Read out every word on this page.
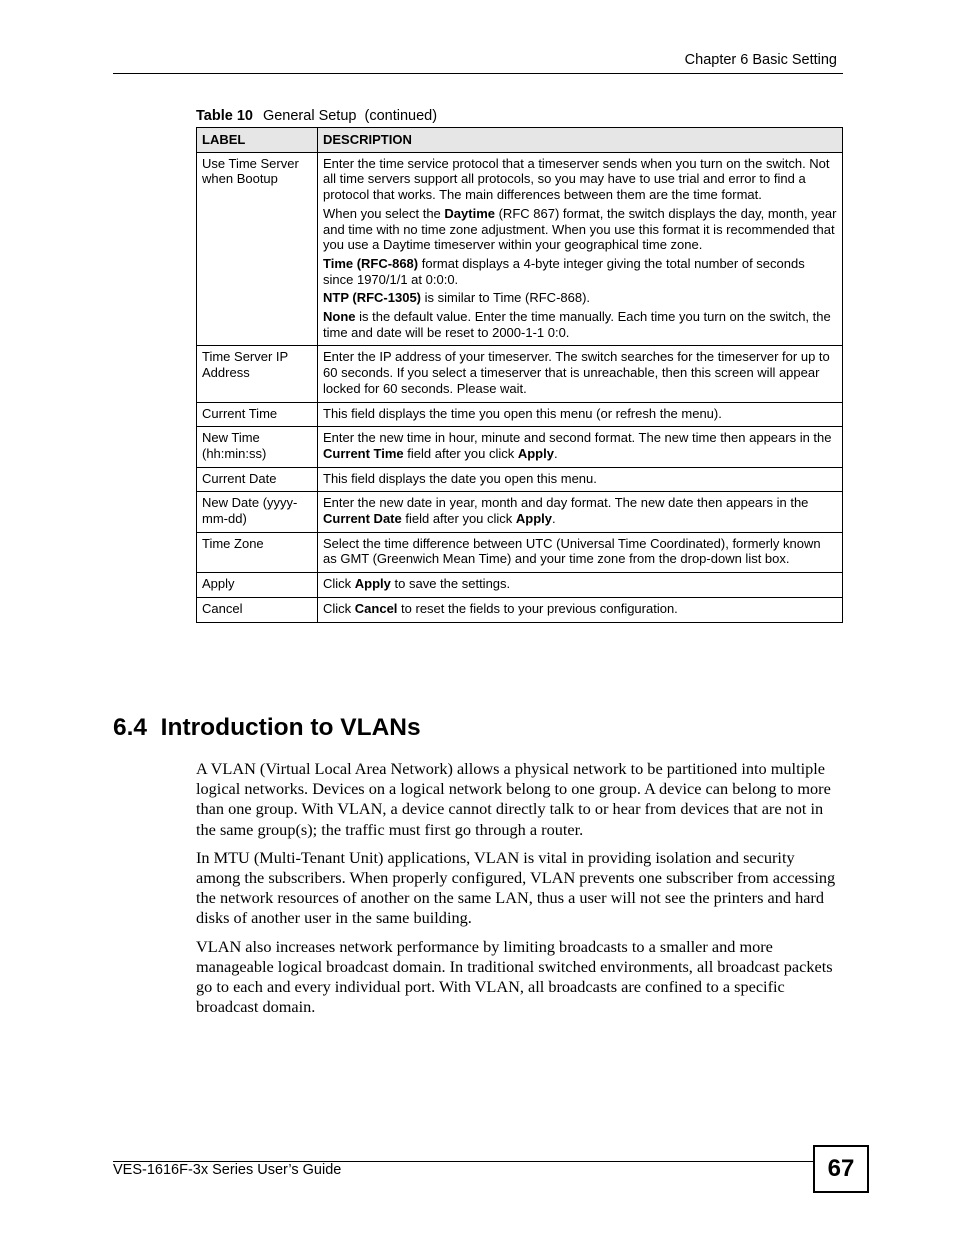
Chapter 6 Basic Setting
Table 10 General Setup  (continued)
LABEL	DESCRIPTION
Use Time Server when Bootup	Enter the time service protocol that a timeserver sends when you turn on the switch. Not all time servers support all protocols, so you may have to use trial and error to find a protocol that works. The main differences between them are the time format.

When you select the Daytime (RFC 867) format, the switch displays the day, month, year and time with no time zone adjustment. When you use this format it is recommended that you use a Daytime timeserver within your geographical time zone.

Time (RFC-868) format displays a 4-byte integer giving the total number of seconds since 1970/1/1 at 0:0:0.

NTP (RFC-1305) is similar to Time (RFC-868).

None is the default value. Enter the time manually. Each time you turn on the switch, the time and date will be reset to 2000-1-1 0:0.

Time Server IP Address	Enter the IP address of your timeserver. The switch searches for the timeserver for up to 60 seconds. If you select a timeserver that is unreachable, then this screen will appear locked for 60 seconds. Please wait.

Current Time	This field displays the time you open this menu (or refresh the menu).

New Time (hh:min:ss)	Enter the new time in hour, minute and second format. The new time then appears in the Current Time field after you click Apply.

Current Date	This field displays the date you open this menu.

New Date (yyyy-mm-dd)	Enter the new date in year, month and day format. The new date then appears in the Current Date field after you click Apply.

Time Zone	Select the time difference between UTC (Universal Time Coordinated), formerly known as GMT (Greenwich Mean Time) and your time zone from the drop-down list box.

Apply	Click Apply to save the settings.

Cancel	Click Cancel to reset the fields to your previous configuration.

6.4  Introduction to VLANs

A VLAN (Virtual Local Area Network) allows a physical network to be partitioned into multiple logical networks. Devices on a logical network belong to one group. A device can belong to more than one group. With VLAN, a device cannot directly talk to or hear from devices that are not in the same group(s); the traffic must first go through a router.

In MTU (Multi-Tenant Unit) applications, VLAN is vital in providing isolation and security among the subscribers. When properly configured, VLAN prevents one subscriber from accessing the network resources of another on the same LAN, thus a user will not see the printers and hard disks of another user in the same building.

VLAN also increases network performance by limiting broadcasts to a smaller and more manageable logical broadcast domain. In traditional switched environments, all broadcast packets go to each and every individual port. With VLAN, all broadcasts are confined to a specific broadcast domain.

VES-1616F-3x Series User’s Guide	67
